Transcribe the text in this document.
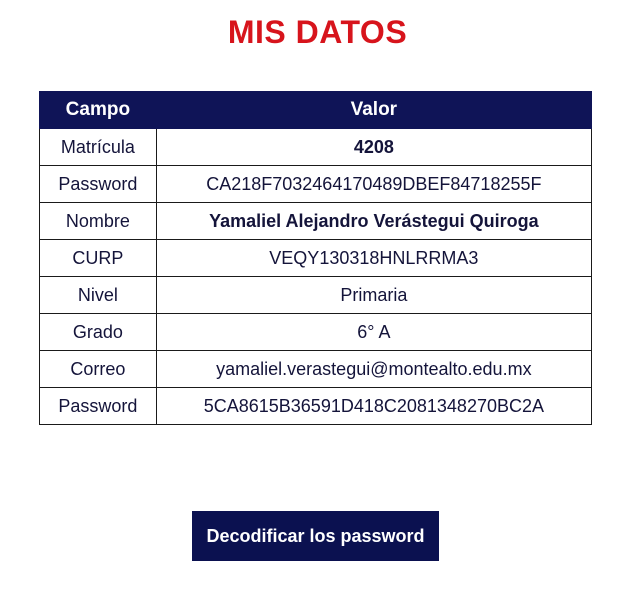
MIS DATOS
Campo	Valor
Matrícula	4208
Password	CA218F7032464170489DBEF84718255F
Nombre	Yamaliel Alejandro Verástegui Quiroga
CURP	VEQY130318HNLRRMA3
Nivel	Primaria
Grado	6° A
Correo	yamaliel.verastegui@montealto.edu.mx
Password	5CA8615B36591D418C2081348270BC2A
Decodificar los password
